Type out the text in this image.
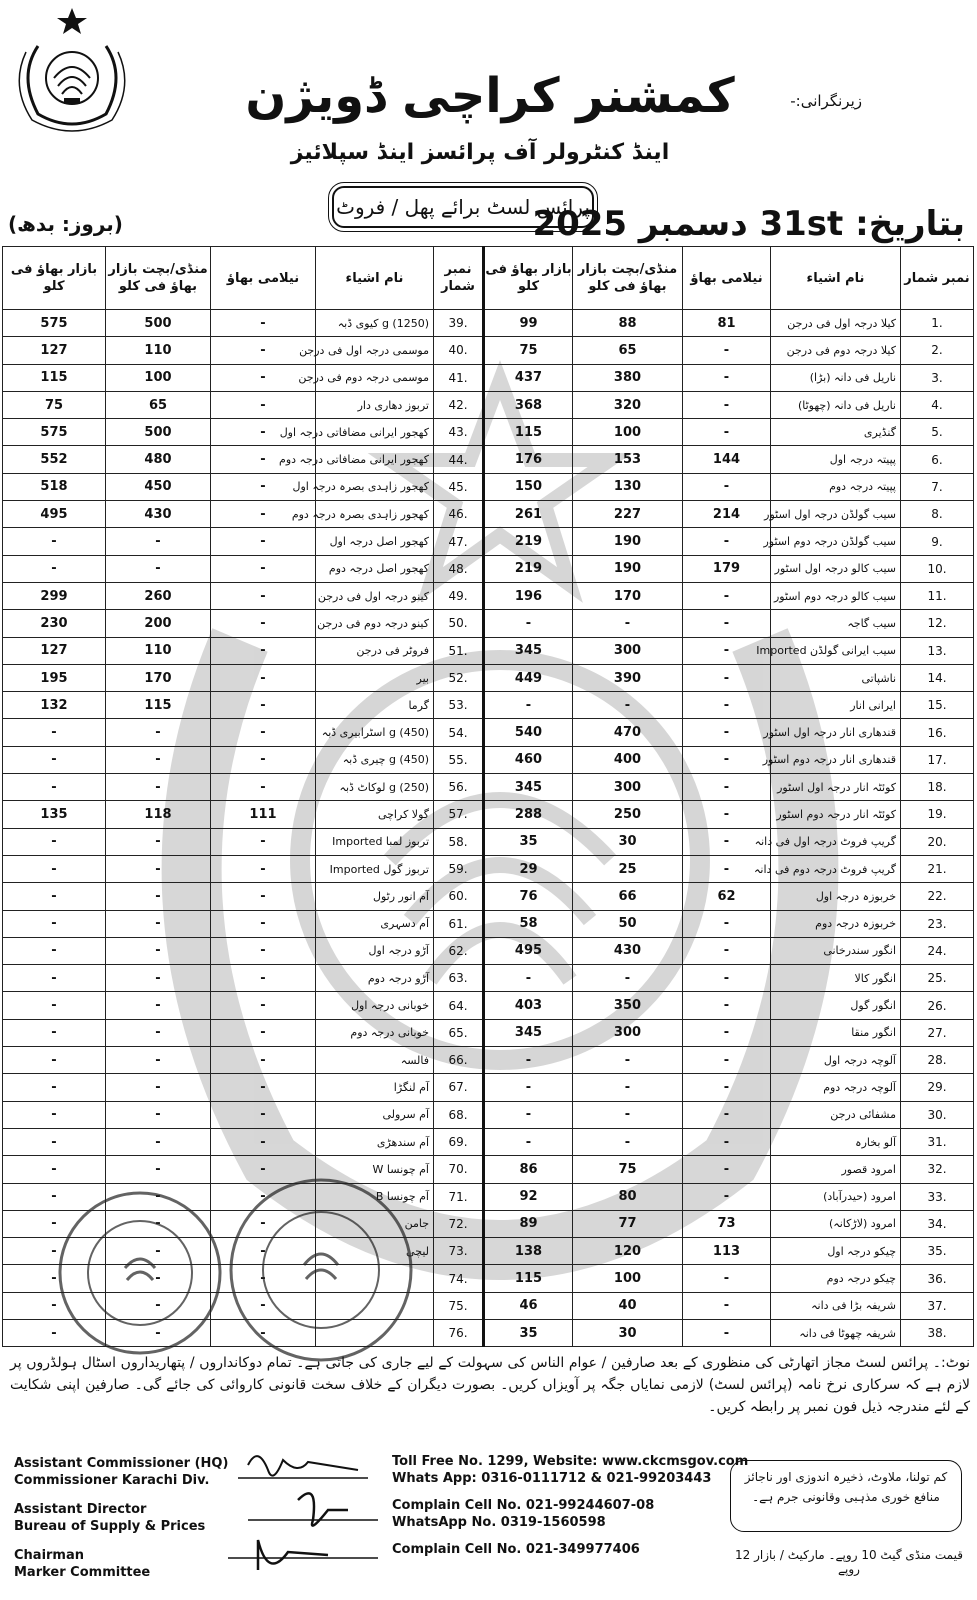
زیرنگرانی:-
کمشنر کراچی ڈویژن
اینڈ کنٹرولر آف پرائسز اینڈ سپلائیز
پرائس لسٹ برائے پھل / فروٹ
بتاریخ: 31st دسمبر 2025
(بروز: بدھ)
بازار بھاؤ فی کلو	منڈی/بچت بازار بھاؤ فی کلو	نیلامی بھاؤ	نام اشیاء	نمبر شمار	بازار بھاؤ فی کلو	منڈی/بچت بازار بھاؤ فی کلو	نیلامی بھاؤ	نام اشیاء	نمبر شمار
575	500	-	g (1250) کیوی ڈبہ	39.	99	88	81	کیلا درجہ اول فی درجن	1.
127	110	-	موسمی درجہ اول فی درجن	40.	75	65	-	کیلا درجہ دوم فی درجن	2.
115	100	-	موسمی درجہ دوم فی درجن	41.	437	380	-	ناریل فی دانہ (بڑا)	3.
75	65	-	تربوز دھاری دار	42.	368	320	-	ناریل فی دانہ (چھوٹا)	4.
575	500	-	کھجور ایرانی مضافاتی درجہ اول	43.	115	100	-	گنڈیری	5.
552	480	-	کھجور ایرانی مضافاتی درجہ دوم	44.	176	153	144	پپیتہ درجہ اول	6.
518	450	-	کھجور زاہدی بصرہ درجہ اول	45.	150	130	-	پپیتہ درجہ دوم	7.
495	430	-	کھجور زاہدی بصرہ درجہ دوم	46.	261	227	214	سیب گولڈن درجہ اول اسٹور	8.
-	-	-	کھجور اصل درجہ اول	47.	219	190	-	سیب گولڈن درجہ دوم اسٹور	9.
-	-	-	کھجور اصل درجہ دوم	48.	219	190	179	سیب کالو درجہ اول اسٹور	10.
299	260	-	کینو درجہ اول فی درجن	49.	196	170	-	سیب کالو درجہ دوم اسٹور	11.
230	200	-	کینو درجہ دوم فی درجن	50.	-	-	-	سیب گاجہ	12.
127	110	-	فروٹر فی درجن	51.	345	300	-	سیب ایرانی گولڈن Imported	13.
195	170	-	بیر	52.	449	390	-	ناشپاتی	14.
132	115	-	گرما	53.	-	-	-	ایرانی انار	15.
-	-	-	g (450) اسٹرابیری ڈبہ	54.	540	470	-	قندھاری انار درجہ اول اسٹور	16.
-	-	-	g (450) چیری ڈبہ	55.	460	400	-	قندھاری انار درجہ دوم اسٹور	17.
-	-	-	g (250) لوکاٹ ڈبہ	56.	345	300	-	کوئٹہ انار درجہ اول اسٹور	18.
135	118	111	گولا کراچی	57.	288	250	-	کوئٹہ انار درجہ دوم اسٹور	19.
-	-	-	تربوز لمبا Imported	58.	35	30	-	گریپ فروٹ درجہ اول فی دانہ	20.
-	-	-	تربوز گول Imported	59.	29	25	-	گریپ فروٹ درجہ دوم فی دانہ	21.
-	-	-	آم انور رٹول	60.	76	66	62	خربوزہ درجہ اول	22.
-	-	-	آم دسہری	61.	58	50	-	خربوزہ درجہ دوم	23.
-	-	-	آڑو درجہ اول	62.	495	430	-	انگور سندرخانی	24.
-	-	-	آڑو درجہ دوم	63.	-	-	-	انگور کالا	25.
-	-	-	خوبانی درجہ اول	64.	403	350	-	انگور گول	26.
-	-	-	خوبانی درجہ دوم	65.	345	300	-	انگور منقا	27.
-	-	-	فالسہ	66.	-	-	-	آلوچہ درجہ اول	28.
-	-	-	آم لنگڑا	67.	-	-	-	آلوچہ درجہ دوم	29.
-	-	-	آم سرولی	68.	-	-	-	مشفائی درجن	30.
-	-	-	آم سندھڑی	69.	-	-	-	آلو بخارہ	31.
-	-	-	آم چونسا W	70.	86	75	-	امرود قصور	32.
-	-	-	آم چونسا B	71.	92	80	-	امرود (حیدرآباد)	33.
-	-	-	جامن	72.	89	77	73	امرود (لاڑکانہ)	34.
-	-	-	لیچی	73.	138	120	113	چیکو درجہ اول	35.
-	-	-		74.	115	100	-	چیکو درجہ دوم	36.
-	-	-		75.	46	40	-	شریفہ بڑا فی دانہ	37.
-	-	-		76.	35	30	-	شریفہ چھوٹا فی دانہ	38.
نوٹ:۔ پرائس لسٹ مجاز اتھارٹی کی منظوری کے بعد صارفین / عوام الناس کی سہولت کے لیے جاری کی جاتی ہے۔ تمام دوکانداروں / پتھاریداروں اسٹال ہولڈروں پر لازم ہے کہ سرکاری نرخ نامہ (پرائس لسٹ) لازمی نمایاں جگہ پر آویزاں کریں۔ بصورت دیگران کے خلاف سخت قانونی کاروائی کی جائے گی۔ صارفین اپنی شکایت کے لئے مندرجہ ذیل فون نمبر پر رابطہ کریں۔
Assistant Commissioner (HQ)
Commissioner Karachi Div.
Assistant Director
Bureau of Supply & Prices
Chairman
Marker Committee
Toll Free No. 1299, Website: www.ckcmsgov.com
Whats App: 0316-0111712 & 021-99203443
Complain Cell No. 021-99244607-08
WhatsApp No. 0319-1560598
Complain Cell No. 021-349977406
کم تولنا، ملاوٹ، ذخیرہ اندوزی اور ناجائز منافع خوری مذہبی وقانونی جرم ہے۔
قیمت منڈی گیٹ 10 روپے۔ مارکیٹ / بازار 12 روپے
